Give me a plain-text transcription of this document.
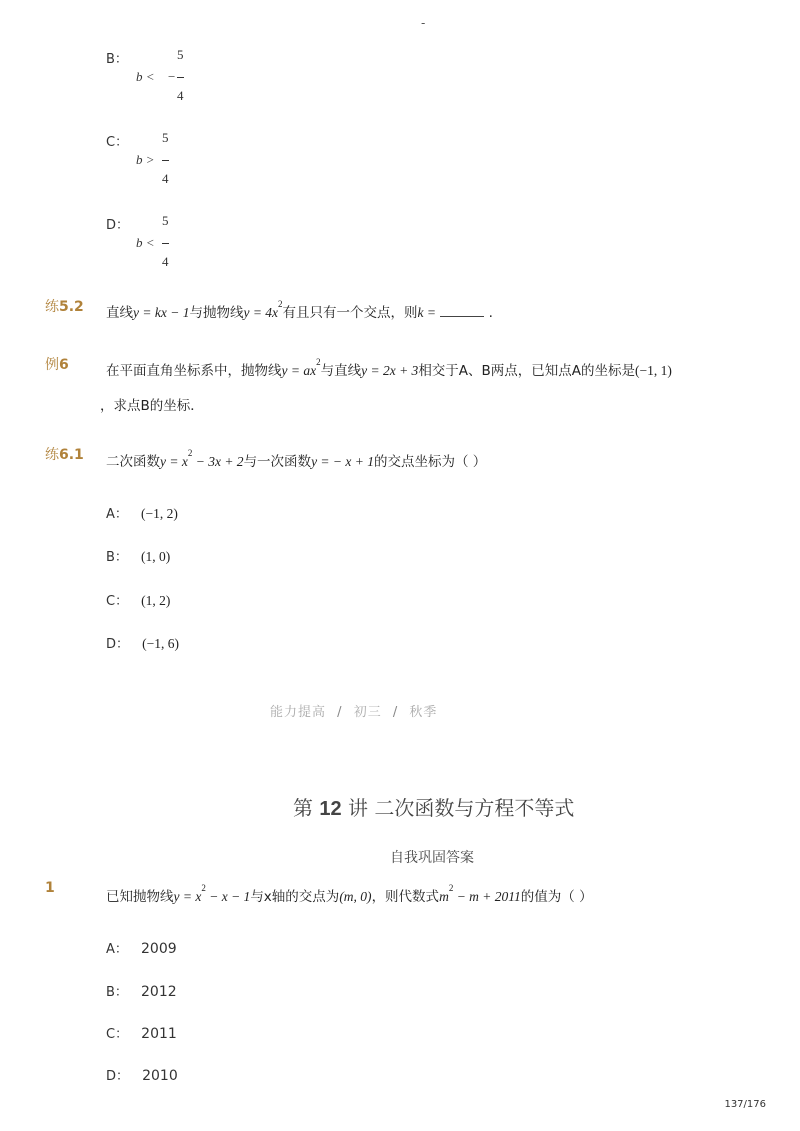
-
B：
b < −
5
4
C：
b >
5
4
D：
b <
5
4
练5.2 直线y = kx − 1与抛物线$y = 4x^2$有且只有一个交点，则k =	.
例6	在平面直角坐标系中，抛物线$y = ax^2$与直线y = 2x + 3相交于A、B两点，已知点A的坐标是(−1, 1)
，求点B的坐标．
练6.1 二次函数$y = x^2 - 3x + 2$与一次函数y = − x + 1的交点坐标为（ ）
A： (−1, 2)
B： (1, 0)
C： (1, 2)
D： (−1, 6)
能力提高 / 初三 / 秋季
第 12 讲 二次函数与方程不等式
自我巩固答案
1
已知抛物线$y = x^2 - x - 1$与x轴的交点为(m, 0)，则代数式$m^2 - m + 2011$的值为（ ）
A： 2009
B： 2012
C： 2011
D： 2010
137/176
